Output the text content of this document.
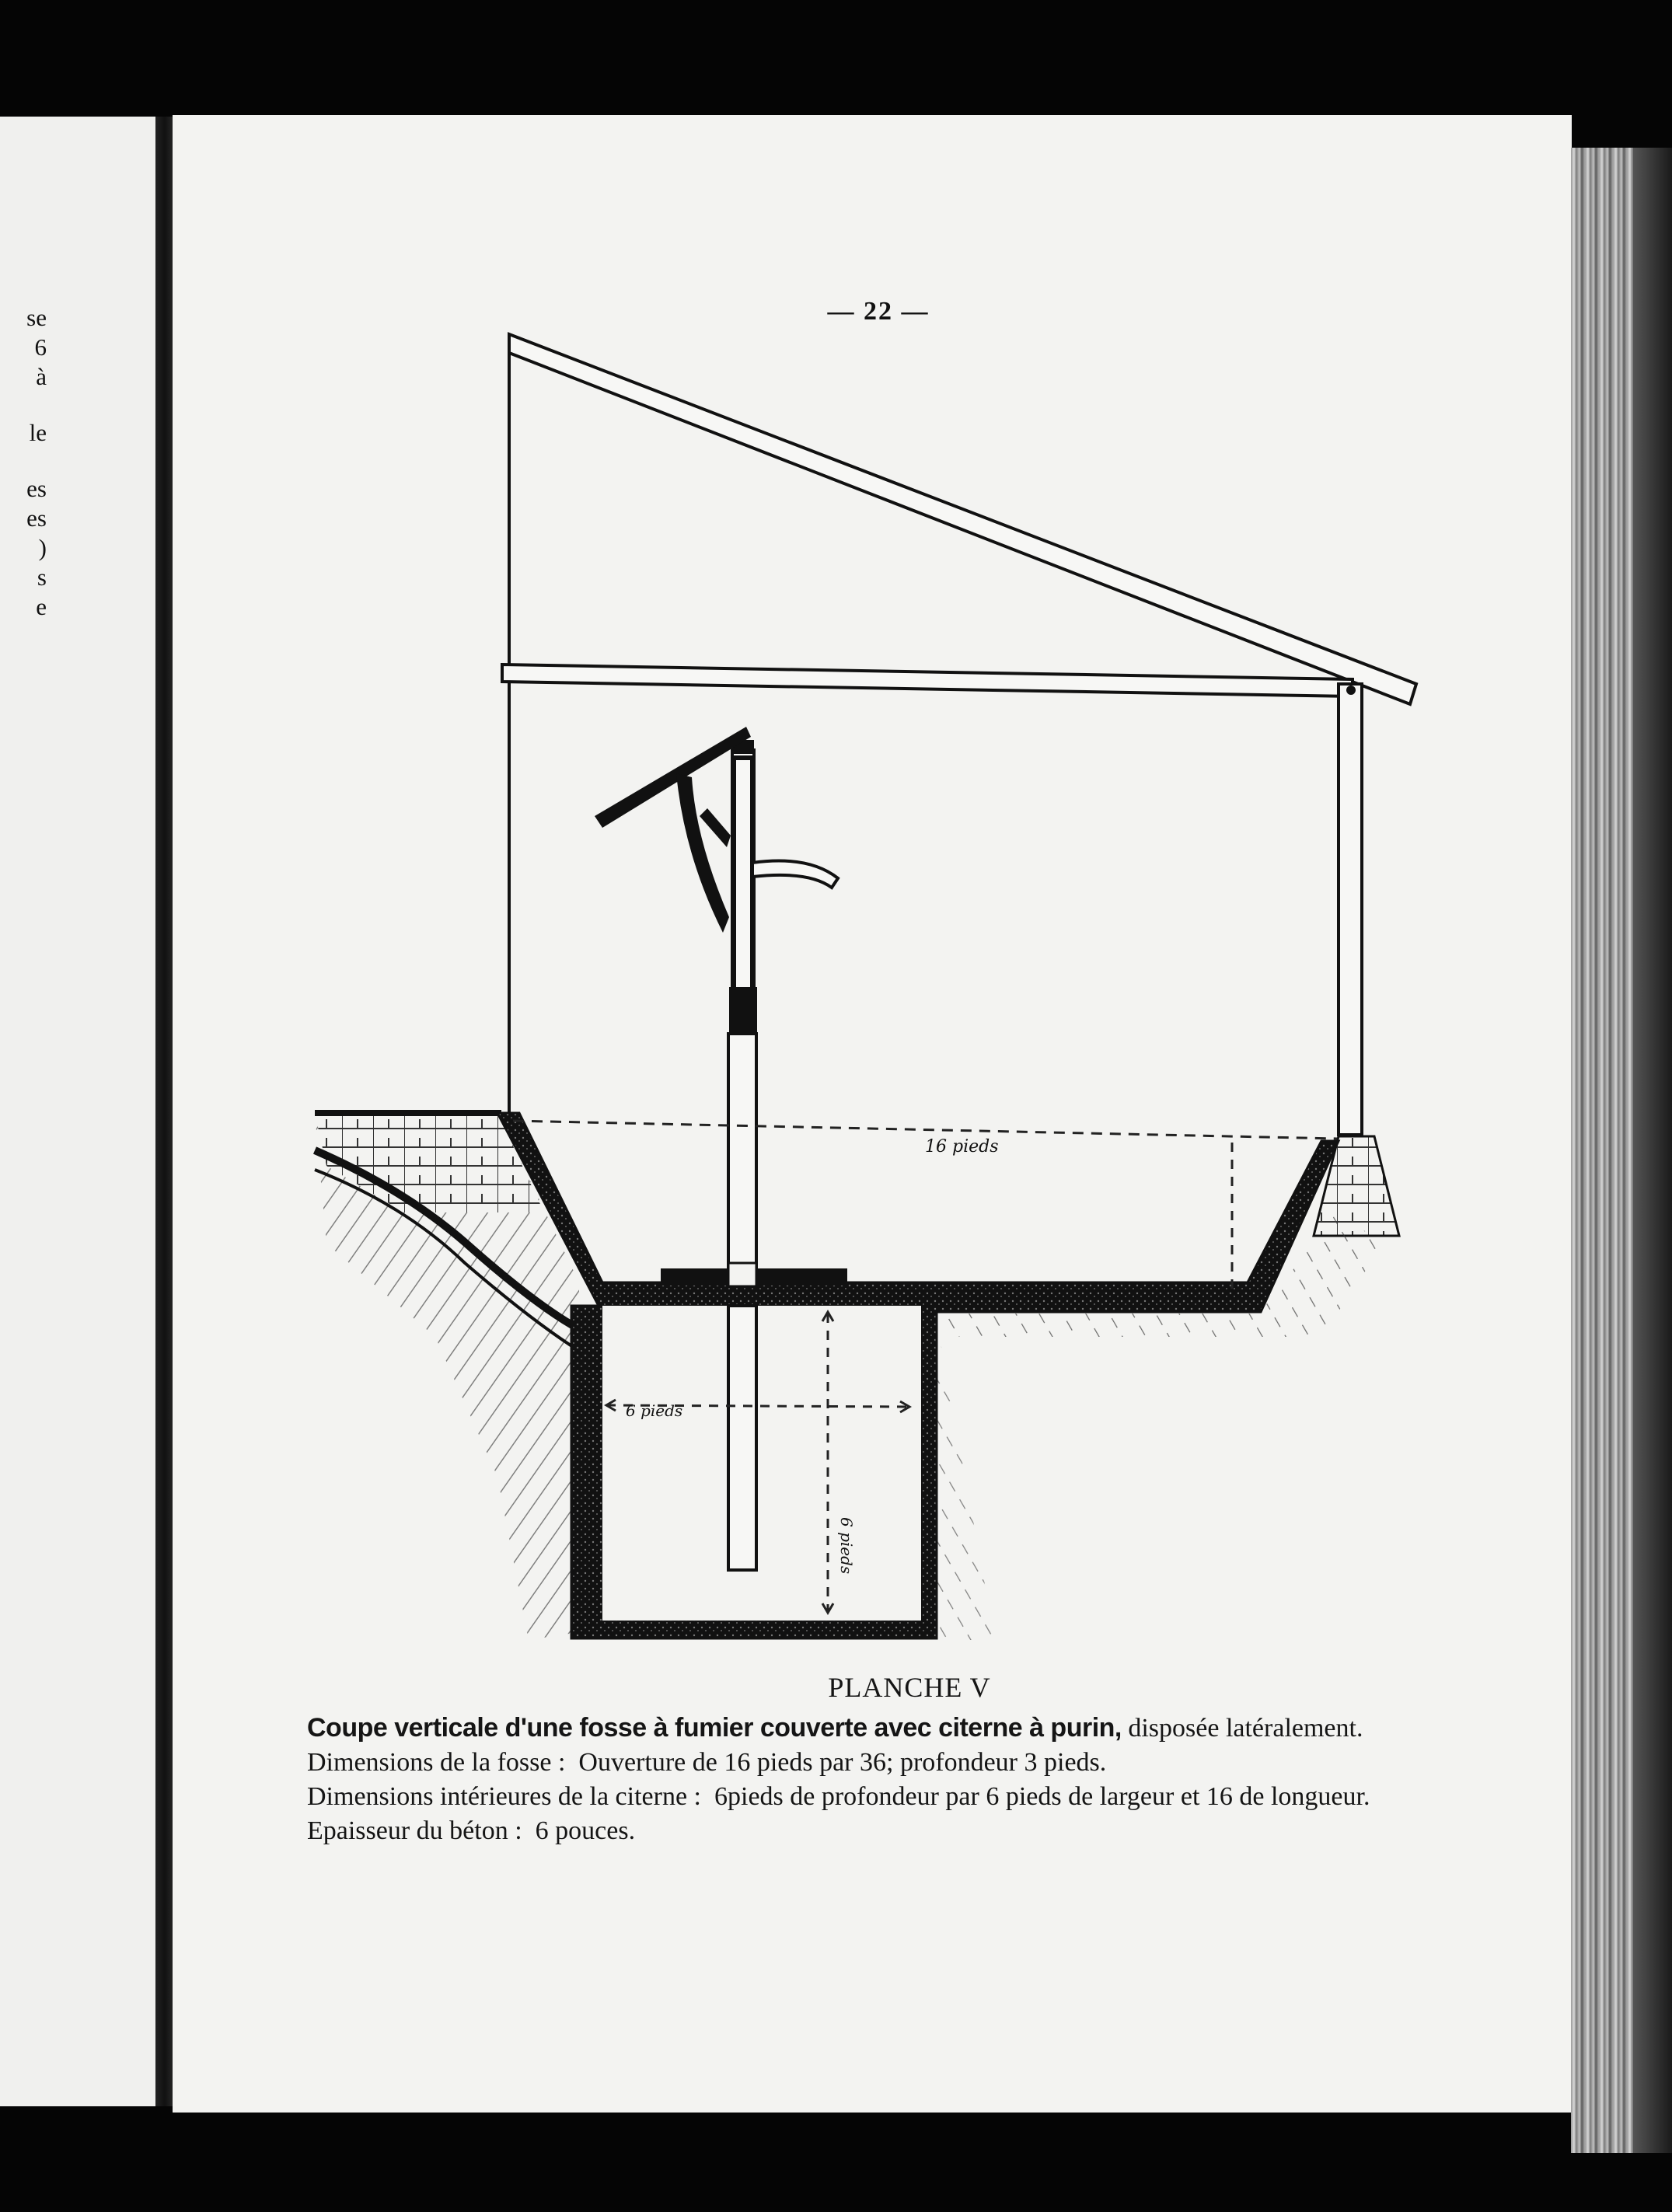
se
6
à
le
es
es
)
s
e
— 22 —
16 pieds
6 pieds
6 pieds
PLANCHE V
Coupe verticale d'une fosse à fumier couverte avec citerne à purin, disposée latéralement.
Dimensions de la fosse : Ouverture de 16 pieds par 36; profondeur 3 pieds.
Dimensions intérieures de la citerne : 6pieds de profondeur par 6 pieds de largeur et 16 de longueur.
Epaisseur du béton : 6 pouces.
